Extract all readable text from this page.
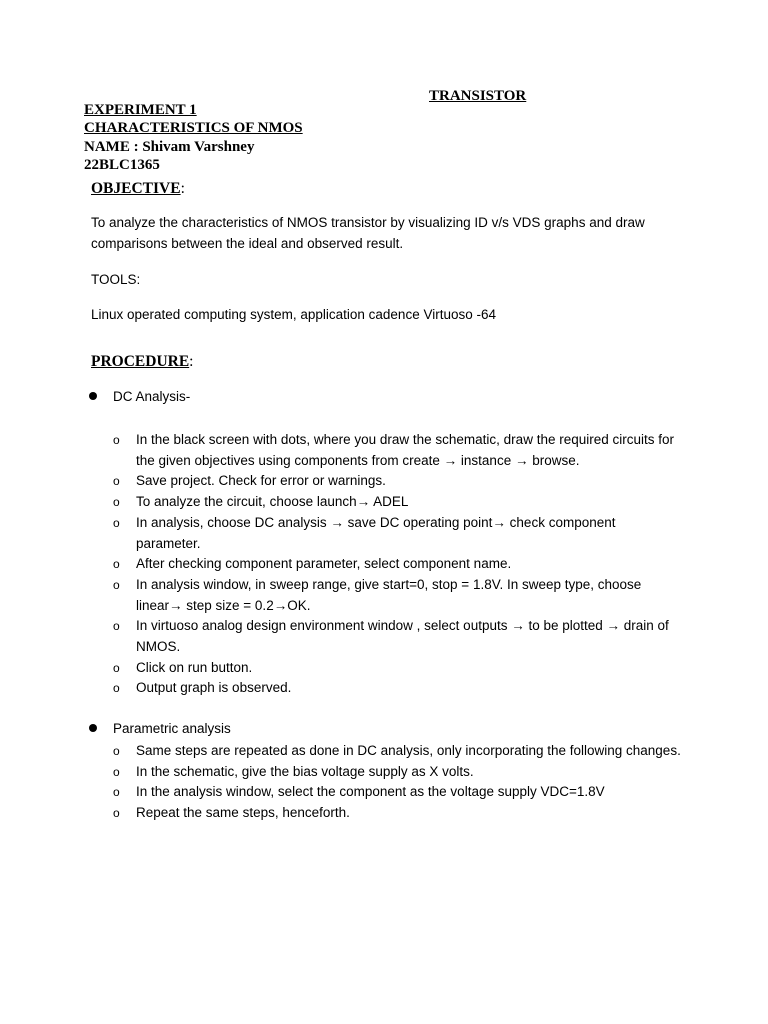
TRANSISTOR
EXPERIMENT 1
CHARACTERISTICS OF NMOS
NAME : Shivam Varshney
22BLC1365
OBJECTIVE:
To analyze the characteristics of NMOS transistor by visualizing ID v/s VDS graphs and draw comparisons between the ideal and observed result.
TOOLS:
Linux operated computing system, application cadence Virtuoso -64
PROCEDURE:
DC Analysis-
o In the black screen with dots, where you draw the schematic, draw the required circuits for the given objectives using components from create → instance → browse.
o Save project. Check for error or warnings.
o To analyze the circuit, choose launch→ ADEL
o In analysis, choose DC analysis → save DC operating point→ check component parameter.
o After checking component parameter, select component name.
o In analysis window, in sweep range, give start=0, stop = 1.8V. In sweep type, choose linear→ step size = 0.2→OK.
o In virtuoso analog design environment window , select outputs → to be plotted → drain of NMOS.
o Click on run button.
o Output graph is observed.
Parametric analysis
o Same steps are repeated as done in DC analysis, only incorporating the following changes.
o In the schematic, give the bias voltage supply as X volts.
o In the analysis window, select the component as the voltage supply VDC=1.8V
o Repeat the same steps, henceforth.
